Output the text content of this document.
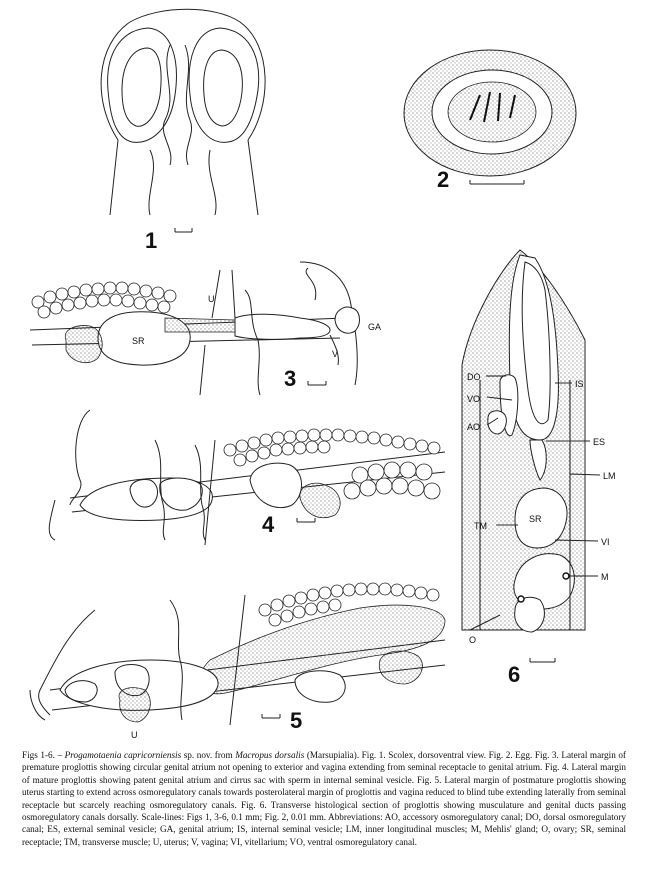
1
2
U
SR
V
GA
3
4
U
5
DO
VO
AO
TM
O
IS
ES
LM
SR
VI
M
6

Figs 1-6. – Progamotaenia capricorniensis sp. nov. from Macropus dorsalis (Marsupialia). Fig. 1. Scolex, dorsoventral view. Fig. 2. Egg. Fig. 3. Lateral margin of premature proglottis showing circular genital atrium not opening to exterior and vagina extending from seminal receptacle to genital atrium. Fig. 4. Lateral margin of mature proglottis showing patent genital atrium and cirrus sac with sperm in internal seminal vesicle. Fig. 5. Lateral margin of postmature proglottis showing uterus starting to extend across osmoregulatory canals towards posterolateral margin of proglottis and vagina reduced to blind tube extending laterally from seminal receptacle but scarcely reaching osmoregulatory canals. Fig. 6. Transverse histological section of proglottis showing musculature and genital ducts passing osmoregulatory canals dorsally. Scale-lines: Figs 1, 3-6, 0.1 mm; Fig. 2, 0.01 mm. Abbreviations: AO, accessory osmoregulatory canal; DO, dorsal osmoregulatory canal; ES, external seminal vesicle; GA, genital atrium; IS, internal seminal vesicle; LM, inner longitudinal muscles; M, Mehlis' gland; O, ovary; SR, seminal receptacle; TM, transverse muscle; U, uterus; V, vagina; VI, vitellarium; VO, ventral osmoregulatory canal.
